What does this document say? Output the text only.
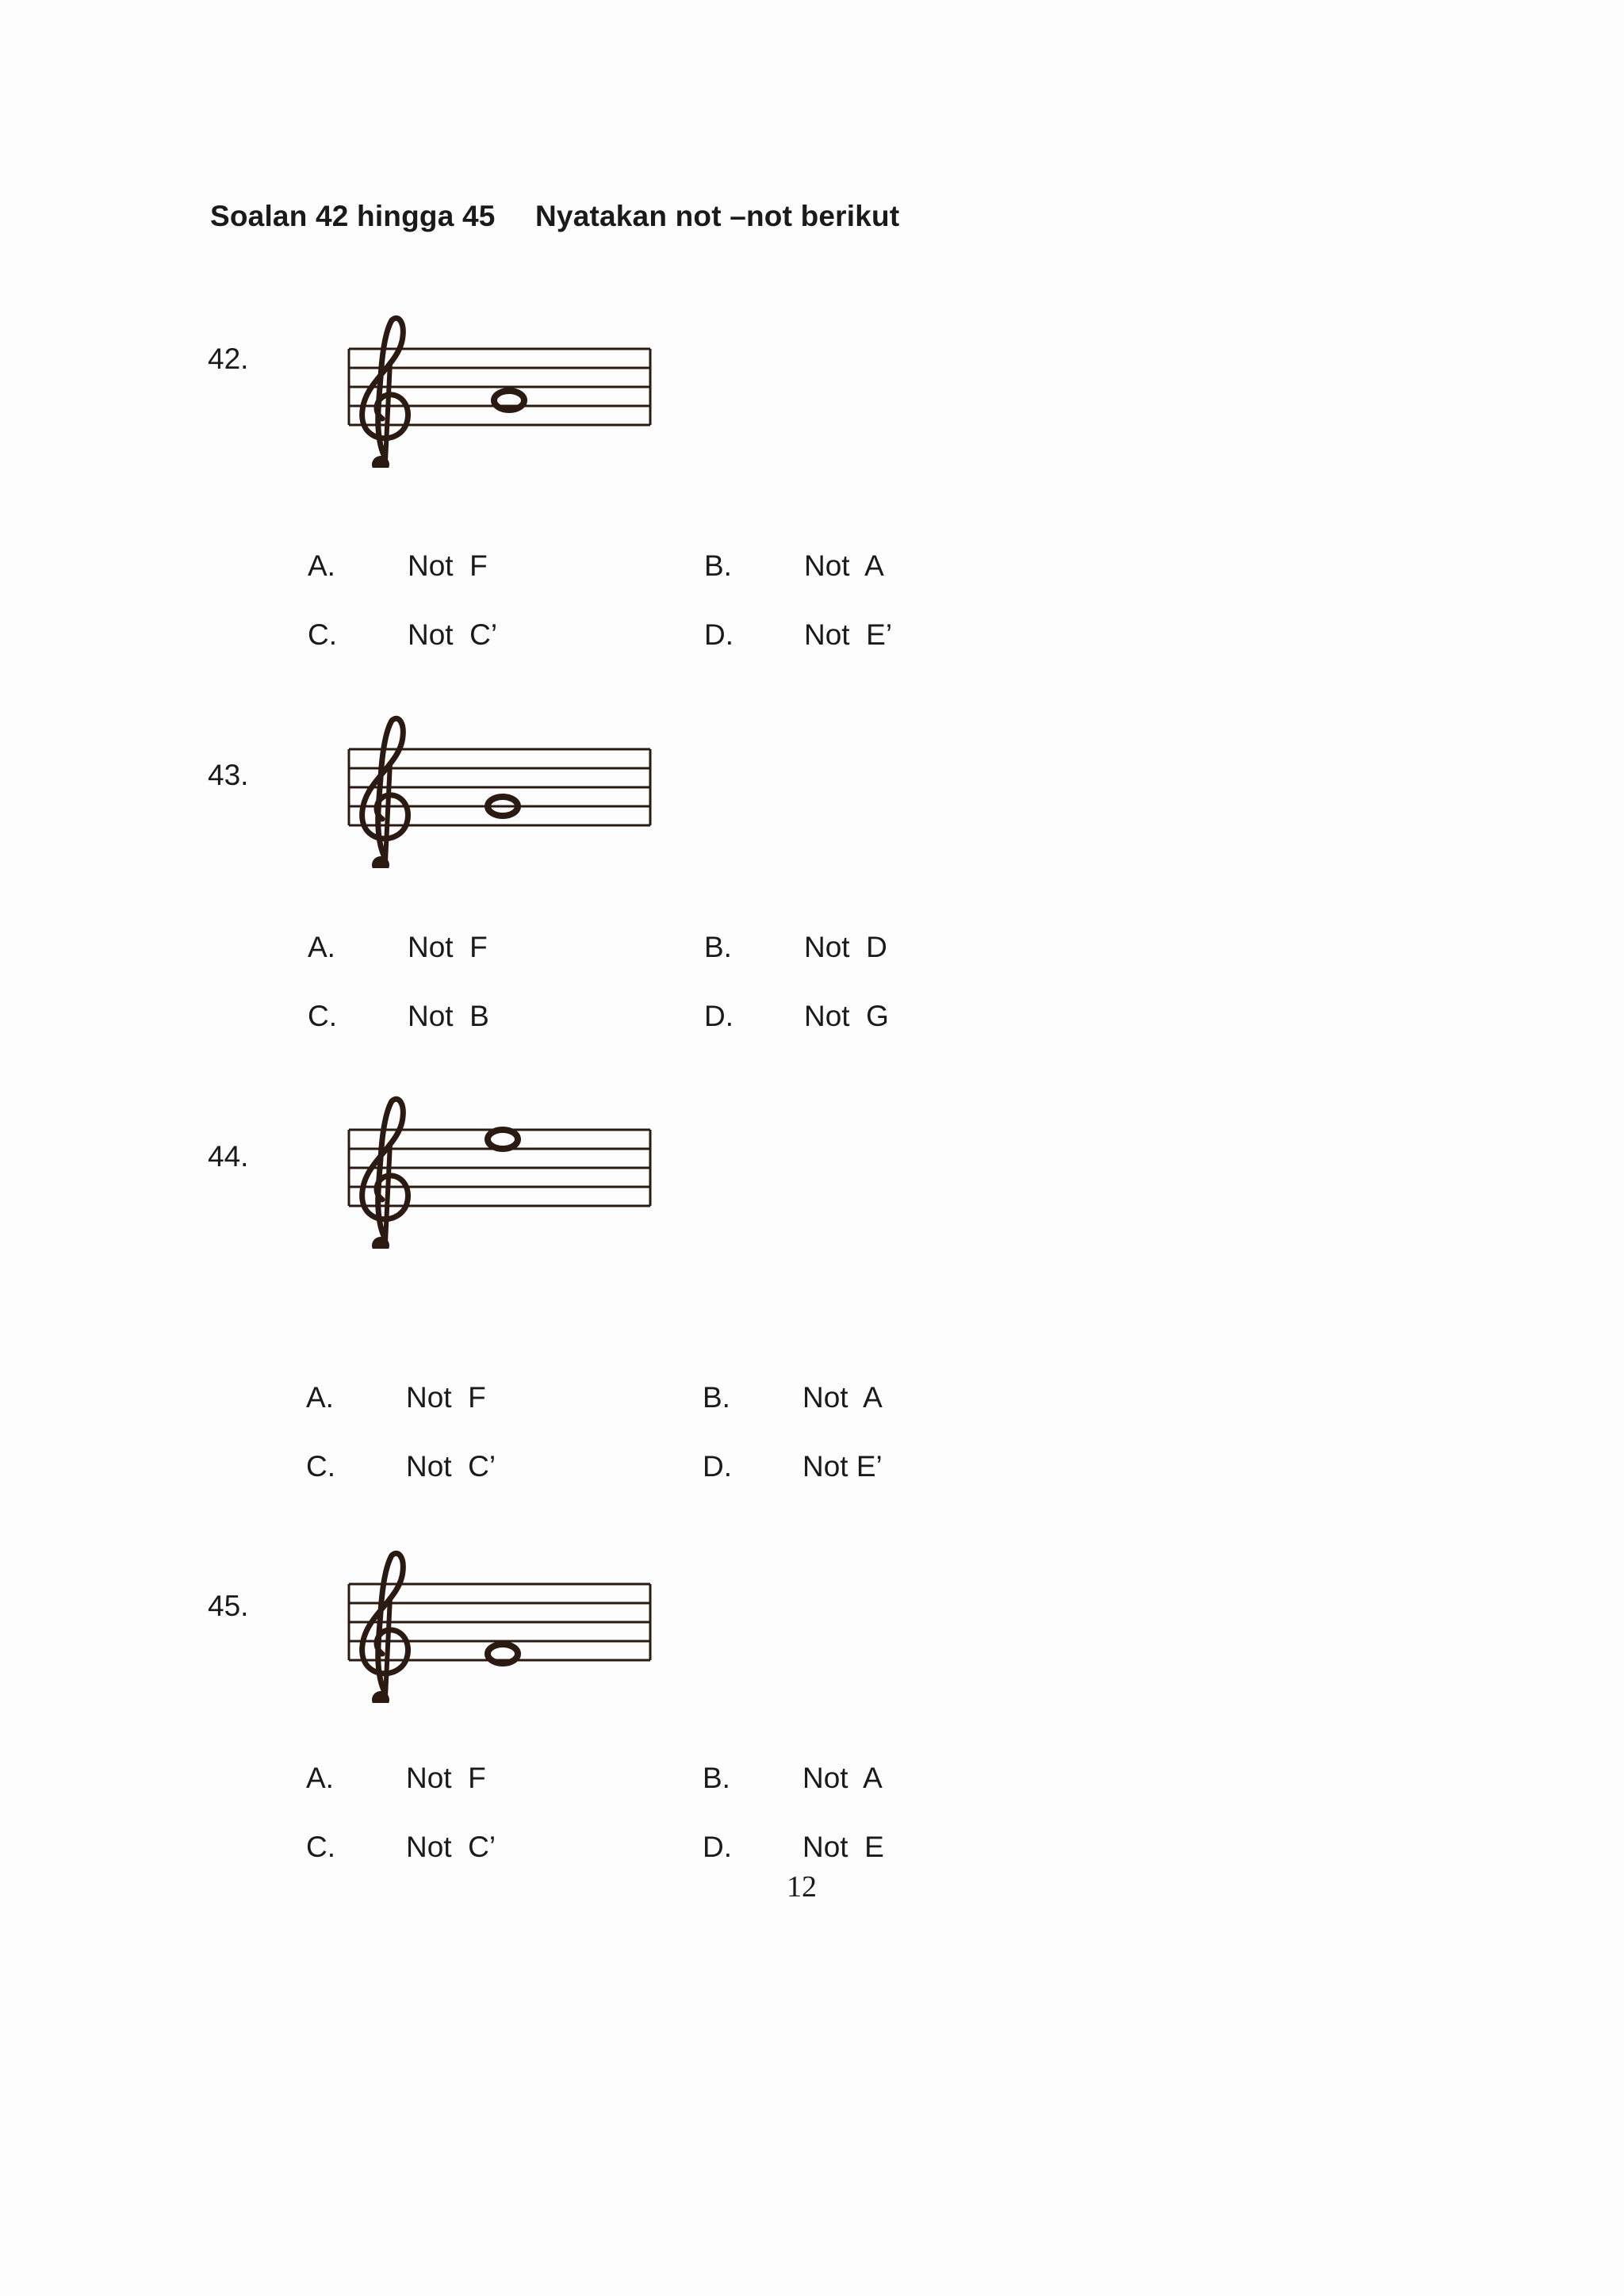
Soalan 42 hingga 45 Nyatakan not –not berikut
42.
A. Not  F	B. Not  A
C. Not  C’	D. Not  E’
43.
A. Not  F	B. Not  D
C. Not  B	D. Not  G
44.
A. Not  F	B. Not  A
C. Not  C’	D. Not E’
45.
A. Not  F	B. Not  A
C. Not  C’	D. Not  E
12
